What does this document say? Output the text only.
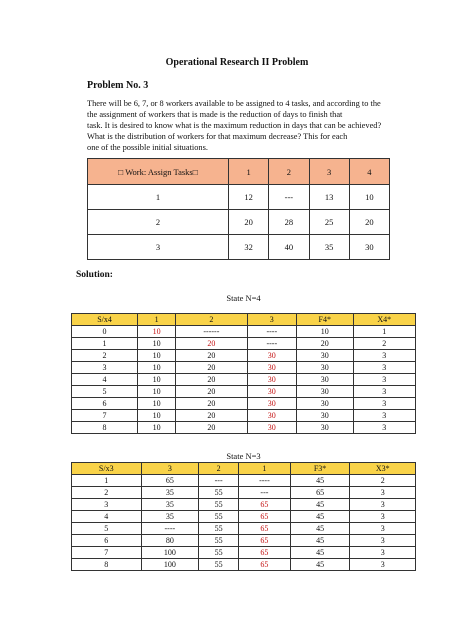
Operational Research II Problem
Problem No. 3
There will be 6, 7, or 8 workers available to be assigned to 4 tasks, and according to the
the assignment of workers that is made is the reduction of days to finish that
task. It is desired to know what is the maximum reduction in days that can be achieved?
What is the distribution of workers for that maximum decrease? This for each
one of the possible initial situations.
□ Work: Assign Tasks□	1	2	3	4
1	12	---	13	10
2	20	28	25	20
3	32	40	35	30
Solution:
State N=4
S/x4	1	2	3	F4*	X4*
0	10	------	----	10	1
1	10	20	----	20	2
2	10	20	30	30	3
3	10	20	30	30	3
4	10	20	30	30	3
5	10	20	30	30	3
6	10	20	30	30	3
7	10	20	30	30	3
8	10	20	30	30	3
State N=3
S/x3	3	2	1	F3*	X3*
1	65	---	----	45	2
2	35	55	---	65	3
3	35	55	65	45	3
4	35	55	65	45	3
5	----	55	65	45	3
6	80	55	65	45	3
7	100	55	65	45	3
8	100	55	65	45	3
